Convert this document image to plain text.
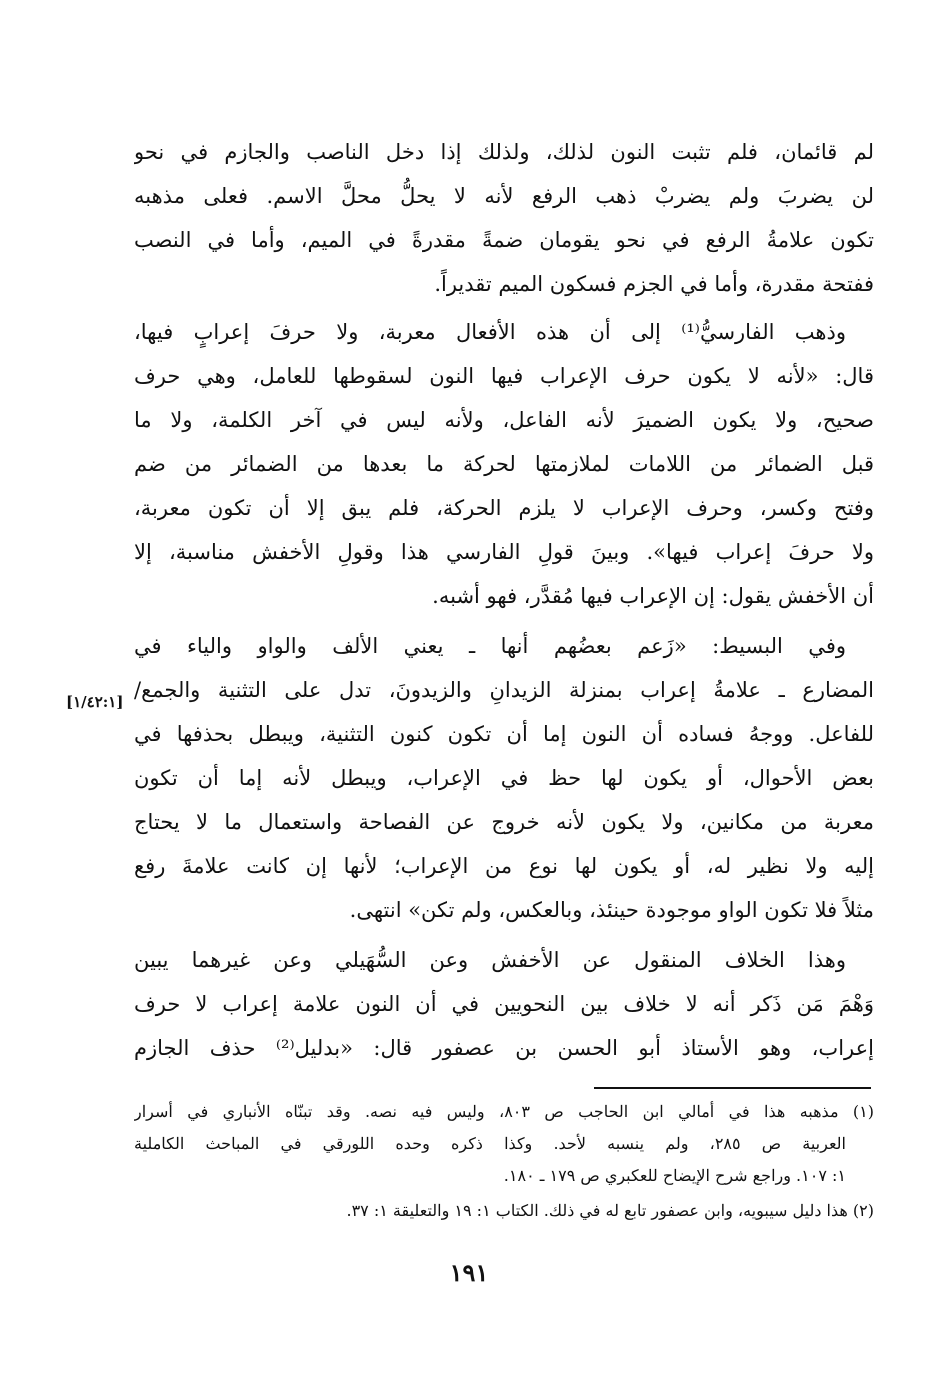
لم قائمان، فلم تثبت النون لذلك، ولذلك إذا دخل الناصب والجازم في نحو
لن يضربَ ولم يضربْ ذهب الرفع لأنه لا يحلُّ محلَّ الاسم. فعلى مذهبه
تكون علامةُ الرفع في نحو يقومان ضمةً مقدرةً في الميم، وأما في النصب
ففتحة مقدرة، وأما في الجزم فسكون الميم تقديراً.
وذهب الفارسيُّ⁽¹⁾ إلى أن هذه الأفعال معربة، ولا حرفَ إعرابٍ فيها،
قال: «لأنه لا يكون حرف الإعراب فيها النون لسقوطها للعامل، وهي حرف
صحيح، ولا يكون الضميرَ لأنه الفاعل، ولأنه ليس في آخر الكلمة، ولا ما
قبل الضمائر من اللامات لملازمتها لحركة ما بعدها من الضمائر من ضم
وفتح وكسر، وحرف الإعراب لا يلزم الحركة، فلم يبق إلا أن تكون معربة،
ولا حرفَ إعراب فيها». وبينَ قولِ الفارسي هذا وقولِ الأخفش مناسبة، إلا
أن الأخفش يقول: إن الإعراب فيها مُقدَّر، فهو أشبه.
وفي البسيط: «زَعم بعضُهم أنها ـ يعني الألف والواو والياء في
المضارع ـ علامةُ إعراب بمنزلة الزيدانِ والزيدونَ، تدل على التثنية والجمع/
[١/٤٢:١]
للفاعل. ووجهُ فساده أن النون إما أن تكون كنون التثنية، ويبطل بحذفها في
بعض الأحوال، أو يكون لها حظ في الإعراب، ويبطل لأنه إما أن تكون
معربة من مكانين، ولا يكون لأنه خروج عن الفصاحة واستعمال ما لا يحتاج
إليه ولا نظير له، أو يكون لها نوع من الإعراب؛ لأنها إن كانت علامةَ رفع
مثلاً فلا تكون الواو موجودة حينئذ، وبالعكس، ولم تكن» انتهى.
وهذا الخلاف المنقول عن الأخفش وعن السُّهَيلي وعن غيرهما يبين
وَهْمَ مَن ذَكر أنه لا خلاف بين النحويين في أن النون علامة إعراب لا حرف
إعراب، وهو الأستاذ أبو الحسن بن عصفور قال: «بدليل⁽²⁾ حذف الجازم
(١) مذهبه هذا في أمالي ابن الحاجب ص ٨٠٣، وليس فيه نصه. وقد تبنّاه الأنباري في أسرار
العربية ص ٢٨٥، ولم ينسبه لأحد. وكذا ذكره وحده اللورقي في المباحث الكاملية
١: ١٠٧. وراجع شرح الإيضاح للعكبري ص ١٧٩ ـ ١٨٠.
(٢) هذا دليل سيبويه، وابن عصفور تابع له في ذلك. الكتاب ١: ١٩ والتعليقة ١: ٣٧.
١٩١
